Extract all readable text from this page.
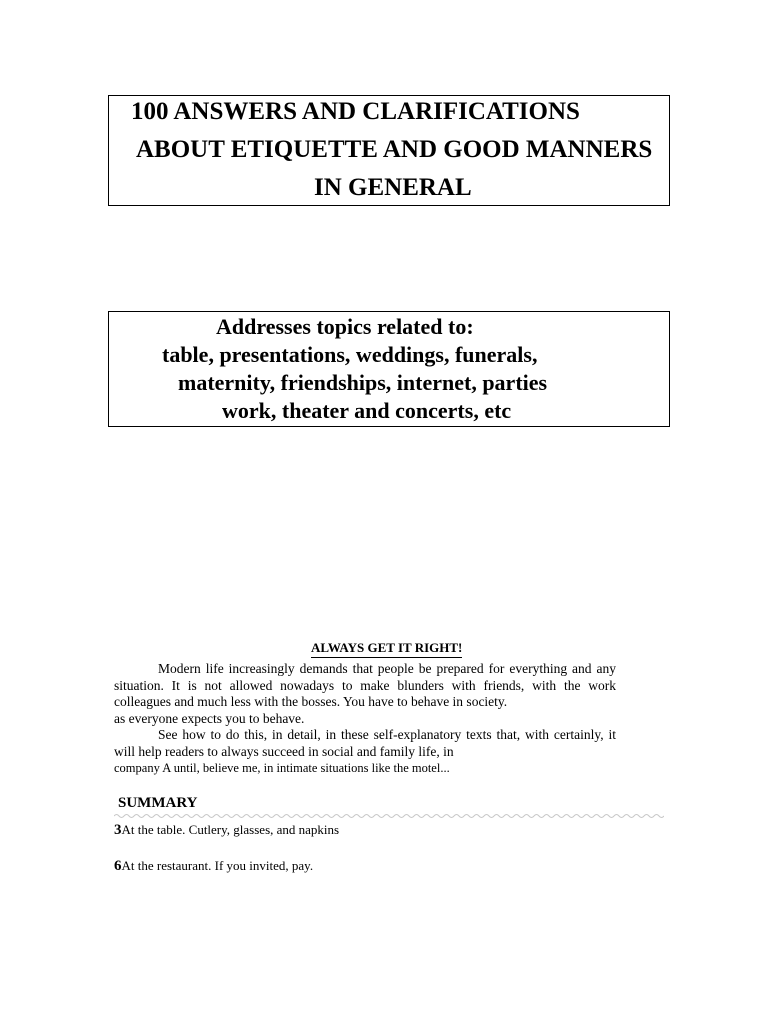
100 ANSWERS AND CLARIFICATIONS
ABOUT ETIQUETTE AND GOOD MANNERS
IN GENERAL
Addresses topics related to:
table, presentations, weddings, funerals,
maternity, friendships, internet, parties
work, theater and concerts, etc
ALWAYS GET IT RIGHT!

Modern life increasingly demands that people be prepared for everything and any situation. It is not allowed nowadays to make blunders with friends, with the work colleagues and much less with the bosses. You have to behave in society.

as everyone expects you to behave.

See how to do this, in detail, in these self-explanatory texts that, with certainly, it will help readers to always succeed in social and family life, in

company A until, believe me, in intimate situations like the motel...

SUMMARY
3At the table. Cutlery, glasses, and napkins
6At the restaurant. If you invited, pay.
